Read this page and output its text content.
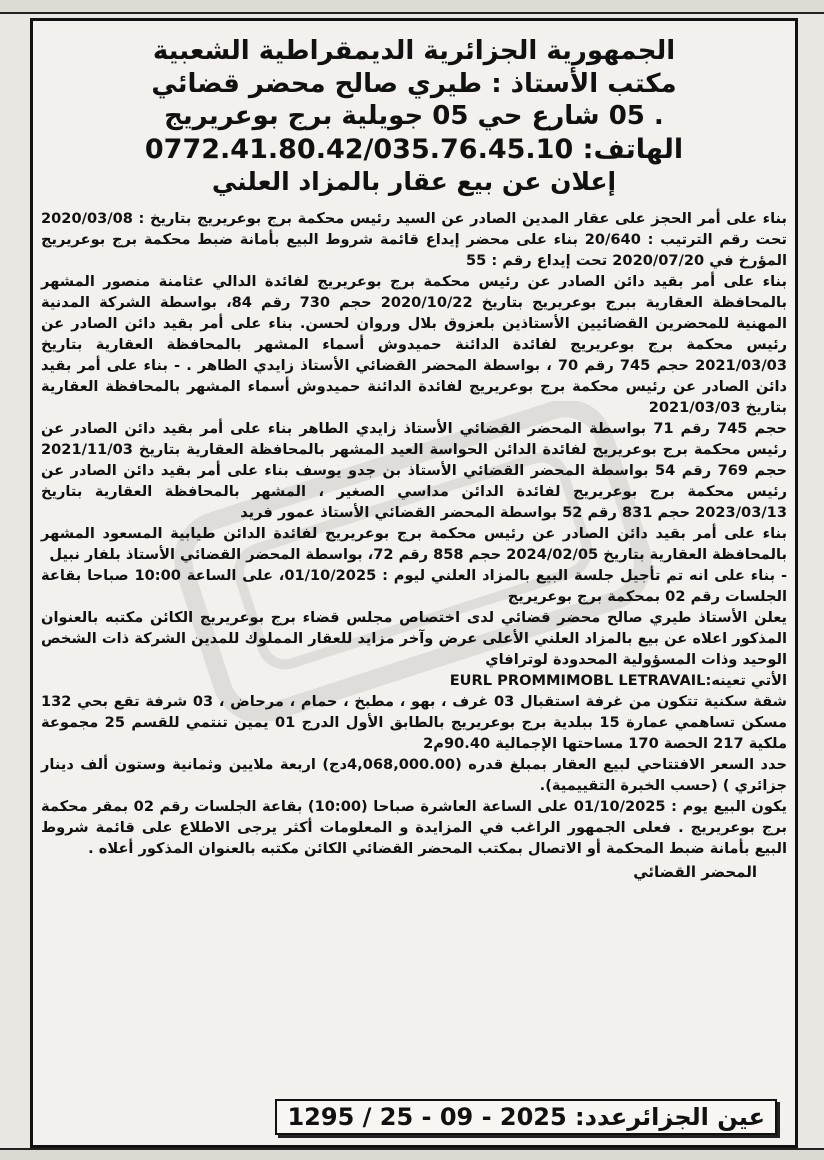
الجمهورية الجزائرية الديمقراطية الشعبية
مكتب الأستاذ : طيري صالح محضر قضائي
. 05 شارع حي 05 جويلية برج بوعريريج
الهاتف: 0772.41.80.42/035.76.45.10
إعلان عن بيع عقار بالمزاد العلني

بناء على أمر الحجز على عقار المدين الصادر عن السيد رئيس محكمة برج بوعريريج بتاريخ : 2020/03/08 تحت رقم الترتيب : 20/640 بناء على محضر إيداع قائمة شروط البيع بأمانة ضبط محكمة برج بوعريريج المؤرخ في 2020/07/20 تحت إيداع رقم : 55

بناء على أمر بقيد دائن الصادر عن رئيس محكمة برج بوعريريج لفائدة الدالي عثامنة منصور المشهر بالمحافظة العقارية ببرج بوعريريج بتاريخ 2020/10/22 حجم 730 رقم 84، بواسطة الشركة المدنية المهنية للمحضرين القضائيين الأستاذين بلعزوق بلال وروان لحسن. بناء على أمر بقيد دائن الصادر عن رئيس محكمة برج بوعريريج لفائدة الدائنة حميدوش أسماء المشهر بالمحافظة العقارية بتاريخ 2021/03/03 حجم 745 رقم 70 ، بواسطة المحضر القضائي الأستاذ زايدي الطاهر . - بناء على أمر بقيد دائن الصادر عن رئيس محكمة برج بوعريريج لفائدة الدائنة حميدوش أسماء المشهر بالمحافظة العقارية بتاريخ 2021/03/03

حجم 745 رقم 71 بواسطة المحضر القضائي الأستاذ زايدي الطاهر بناء على أمر بقيد دائن الصادر عن رئيس محكمة برج بوعريريج لفائدة الدائن الحواسة العيد المشهر بالمحافظة العقارية بتاريخ 2021/11/03 حجم 769 رقم 54 بواسطة المحضر القضائي الأستاذ بن جدو يوسف بناء على أمر بقيد دائن الصادر عن رئيس محكمة برج بوعريريج لفائدة الدائن مداسي الصغير ، المشهر بالمحافظة العقارية بتاريخ 2023/03/13 حجم 831 رقم 52 بواسطة المحضر القضائي الأستاذ عمور فريد

بناء على أمر بقيد دائن الصادر عن رئيس محكمة برج بوعريريج لفائدة الدائن طيابية المسعود المشهر بالمحافظة العقارية بتاريخ 2024/02/05 حجم 858 رقم 72، بواسطة المحضر القضائي الأستاذ بلفار نبيل

- بناء على انه تم تأجيل جلسة البيع بالمزاد العلني ليوم : 01/10/2025، على الساعة 10:00 صباحا بقاعة الجلسات رقم 02 بمحكمة برج بوعريريج

يعلن الأستاذ طيري صالح محضر قضائي لدى اختصاص مجلس قضاء برج بوعريريج الكائن مكتبه بالعنوان المذكور اعلاه عن بيع بالمزاد العلني الأعلى عرض وآخر مزايد للعقار المملوك للمدين الشركة ذات الشخص الوحيد وذات المسؤولية المحدودة لوترافاي

الأتي تعينه:EURL PROMMIMOBL LETRAVAIL

شقة سكنية تتكون من غرفة استقبال 03 غرف ، بهو ، مطبخ ، حمام ، مرحاض ، 03 شرفة تقع بحي 132 مسكن تساهمي عمارة 15 ببلدية برج بوعريريج بالطابق الأول الدرج 01 يمين تنتمي للقسم 25 مجموعة ملكية 217 الحصة 170 مساحتها الإجمالية 90.40م2

حدد السعر الافتتاحي لبيع العقار بمبلغ قدره (4,068,000.00دج) اربعة ملايين وثمانية وستون ألف دينار جزائري ) (حسب الخبرة التقييمية).

يكون البيع يوم : 01/10/2025 على الساعة العاشرة صباحا (10:00) بقاعة الجلسات رقم 02 بمقر محكمة برج بوعريريج . فعلى الجمهور الراغب في المزايدة و المعلومات أكثر يرجى الاطلاع على قائمة شروط البيع بأمانة ضبط المحكمة أو الاتصال بمكتب المحضر القضائي الكائن مكتبه بالعنوان المذكور أعلاه .

المحضر القضائي
عين الجزائرعدد: 1295 / 25 - 09 - 2025
